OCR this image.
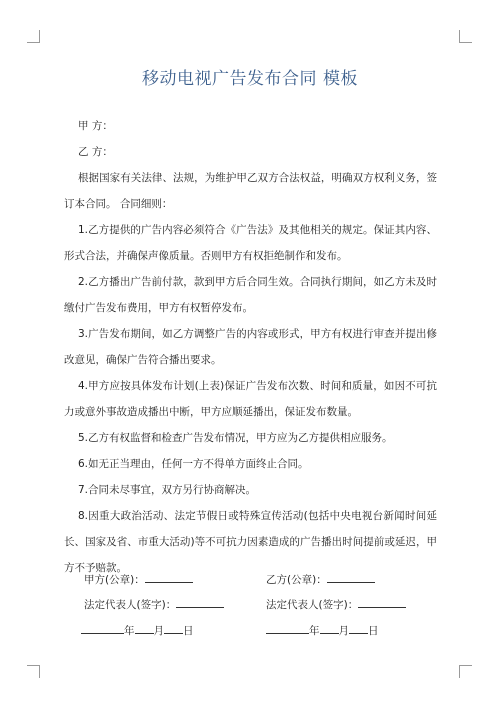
移动电视广告发布合同 模板

甲 方：

乙 方：

根据国家有关法律、法规，为维护甲乙双方合法权益，明确双方权利义务，签订本合同。 合同细则：

1.乙方提供的广告内容必须符合《广告法》及其他相关的规定。保证其内容、形式合法，并确保声像质量。否则甲方有权拒绝制作和发布。

2.乙方播出广告前付款，款到甲方后合同生效。合同执行期间，如乙方未及时缴付广告发布费用，甲方有权暂停发布。

3.广告发布期间，如乙方调整广告的内容或形式，甲方有权进行审查并提出修改意见，确保广告符合播出要求。

4.甲方应按具体发布计划(上表)保证广告发布次数、时间和质量，如因不可抗力或意外事故造成播出中断，甲方应顺延播出，保证发布数量。

5.乙方有权监督和检查广告发布情况，甲方应为乙方提供相应服务。

6.如无正当理由，任何一方不得单方面终止合同。

7.合同未尽事宜，双方另行协商解决。

8.因重大政治活动、法定节假日或特殊宣传活动(包括中央电视台新闻时间延长、国家及省、市重大活动)等不可抗力因素造成的广告播出时间提前或延迟，甲方不予赔款。

甲方(公章)：	乙方(公章)：
法定代表人(签字)：	法定代表人(签字)：
年 月 日	年 月 日
